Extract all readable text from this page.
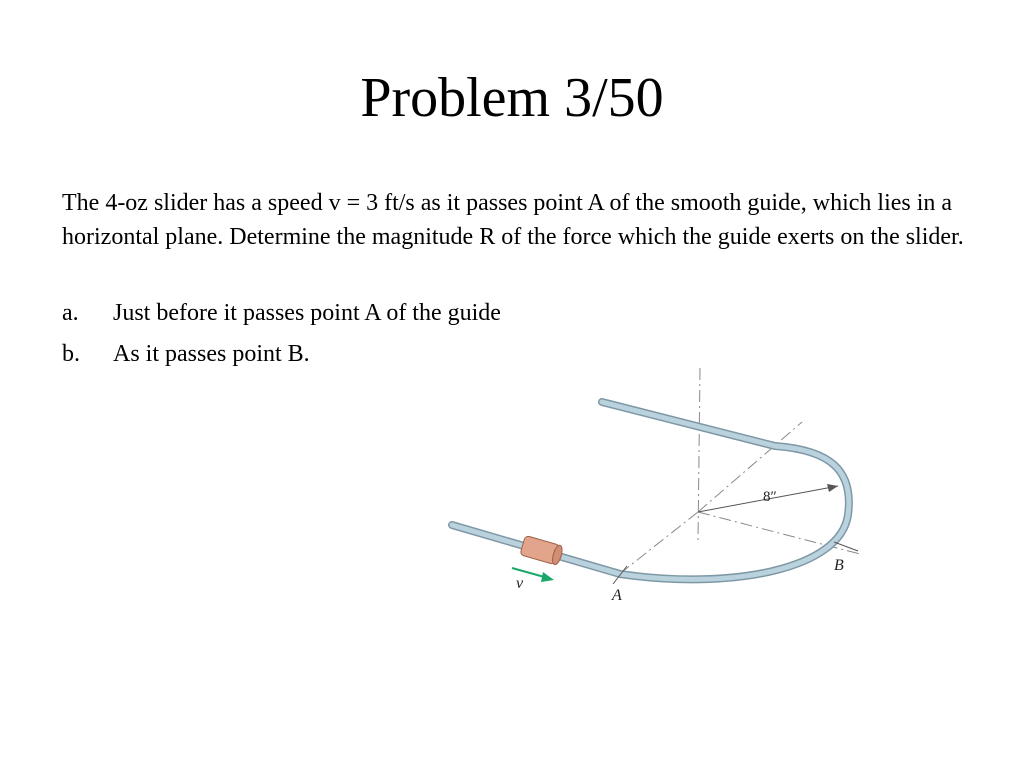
Problem 3/50

The 4-oz slider has a speed v = 3 ft/s as it passes point A of the smooth guide, which lies in a horizontal plane. Determine the magnitude R of the force which the guide exerts on the slider.

a.	Just before it passes point A of the guide
b.	As it passes point B.
v
A
B
8″
